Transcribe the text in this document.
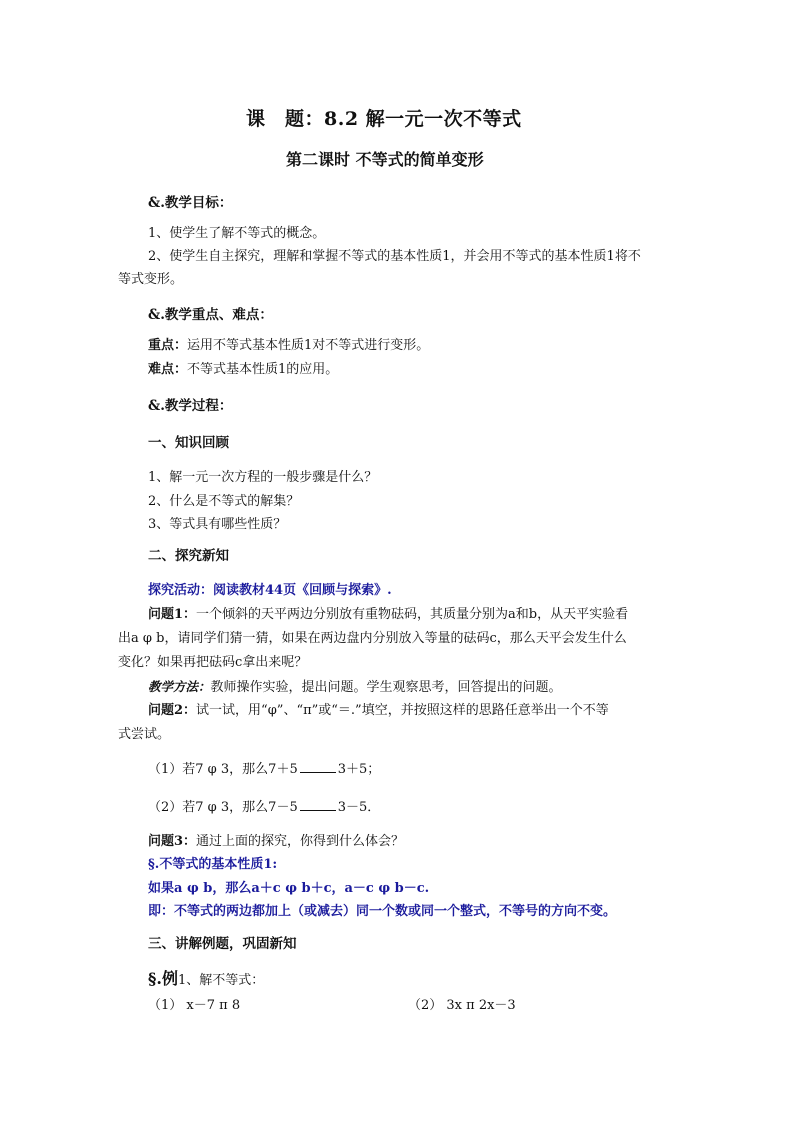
课　题：8.2 解一元一次不等式
第二课时 不等式的简单变形
&.教学目标：
1、使学生了解不等式的概念。
2、使学生自主探究，理解和掌握不等式的基本性质1，并会用不等式的基本性质1将不
等式变形。
&.教学重点、难点：
重点：运用不等式基本性质1对不等式进行变形。
难点：不等式基本性质1的应用。
&.教学过程：
一、知识回顾
1、解一元一次方程的一般步骤是什么？
2、什么是不等式的解集？
3、等式具有哪些性质？
二、探究新知
探究活动：阅读教材44页《回顾与探索》.
问题1：一个倾斜的天平两边分别放有重物砝码，其质量分别为a和b，从天平实验看
出a φ b，请同学们猜一猜，如果在两边盘内分别放入等量的砝码c，那么天平会发生什么
变化？如果再把砝码c拿出来呢？
教学方法：教师操作实验，提出问题。学生观察思考，回答提出的问题。
问题2：试一试，用“φ”、“π”或“＝.”填空，并按照这样的思路任意举出一个不等
式尝试。
（1）若7 φ 3，那么7＋5	3＋5；
（2）若7 φ 3，那么7－5	3－5．
问题3：通过上面的探究，你得到什么体会？
§.不等式的基本性质1:
如果a φ b，那么a＋c φ b＋c，a－c φ b－c.
即：不等式的两边都加上（或减去）同一个数或同一个整式，不等号的方向不变。
三、讲解例题，巩固新知
§.例1、解不等式：
（1） x－7 π 8	（2） 3x π 2x－3
